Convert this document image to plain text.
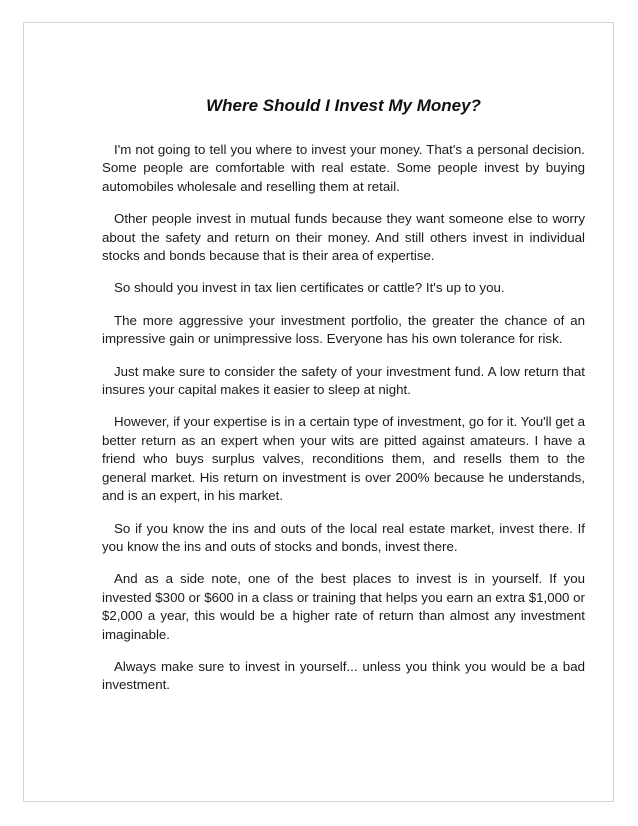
Where Should I Invest My Money?

I'm not going to tell you where to invest your money. That's a personal decision. Some people are comfortable with real estate. Some people invest by buying automobiles wholesale and reselling them at retail.

Other people invest in mutual funds because they want someone else to worry about the safety and return on their money. And still others invest in individual stocks and bonds because that is their area of expertise.

So should you invest in tax lien certificates or cattle? It's up to you.

The more aggressive your investment portfolio, the greater the chance of an impressive gain or unimpressive loss. Everyone has his own tolerance for risk.

Just make sure to consider the safety of your investment fund. A low return that insures your capital makes it easier to sleep at night.

However, if your expertise is in a certain type of investment, go for it. You'll get a better return as an expert when your wits are pitted against amateurs. I have a friend who buys surplus valves, reconditions them, and resells them to the general market. His return on investment is over 200% because he understands, and is an expert, in his market.

So if you know the ins and outs of the local real estate market, invest there. If you know the ins and outs of stocks and bonds, invest there.

And as a side note, one of the best places to invest is in yourself. If you invested $300 or $600 in a class or training that helps you earn an extra $1,000 or $2,000 a year, this would be a higher rate of return than almost any investment imaginable.

Always make sure to invest in yourself... unless you think you would be a bad investment.
